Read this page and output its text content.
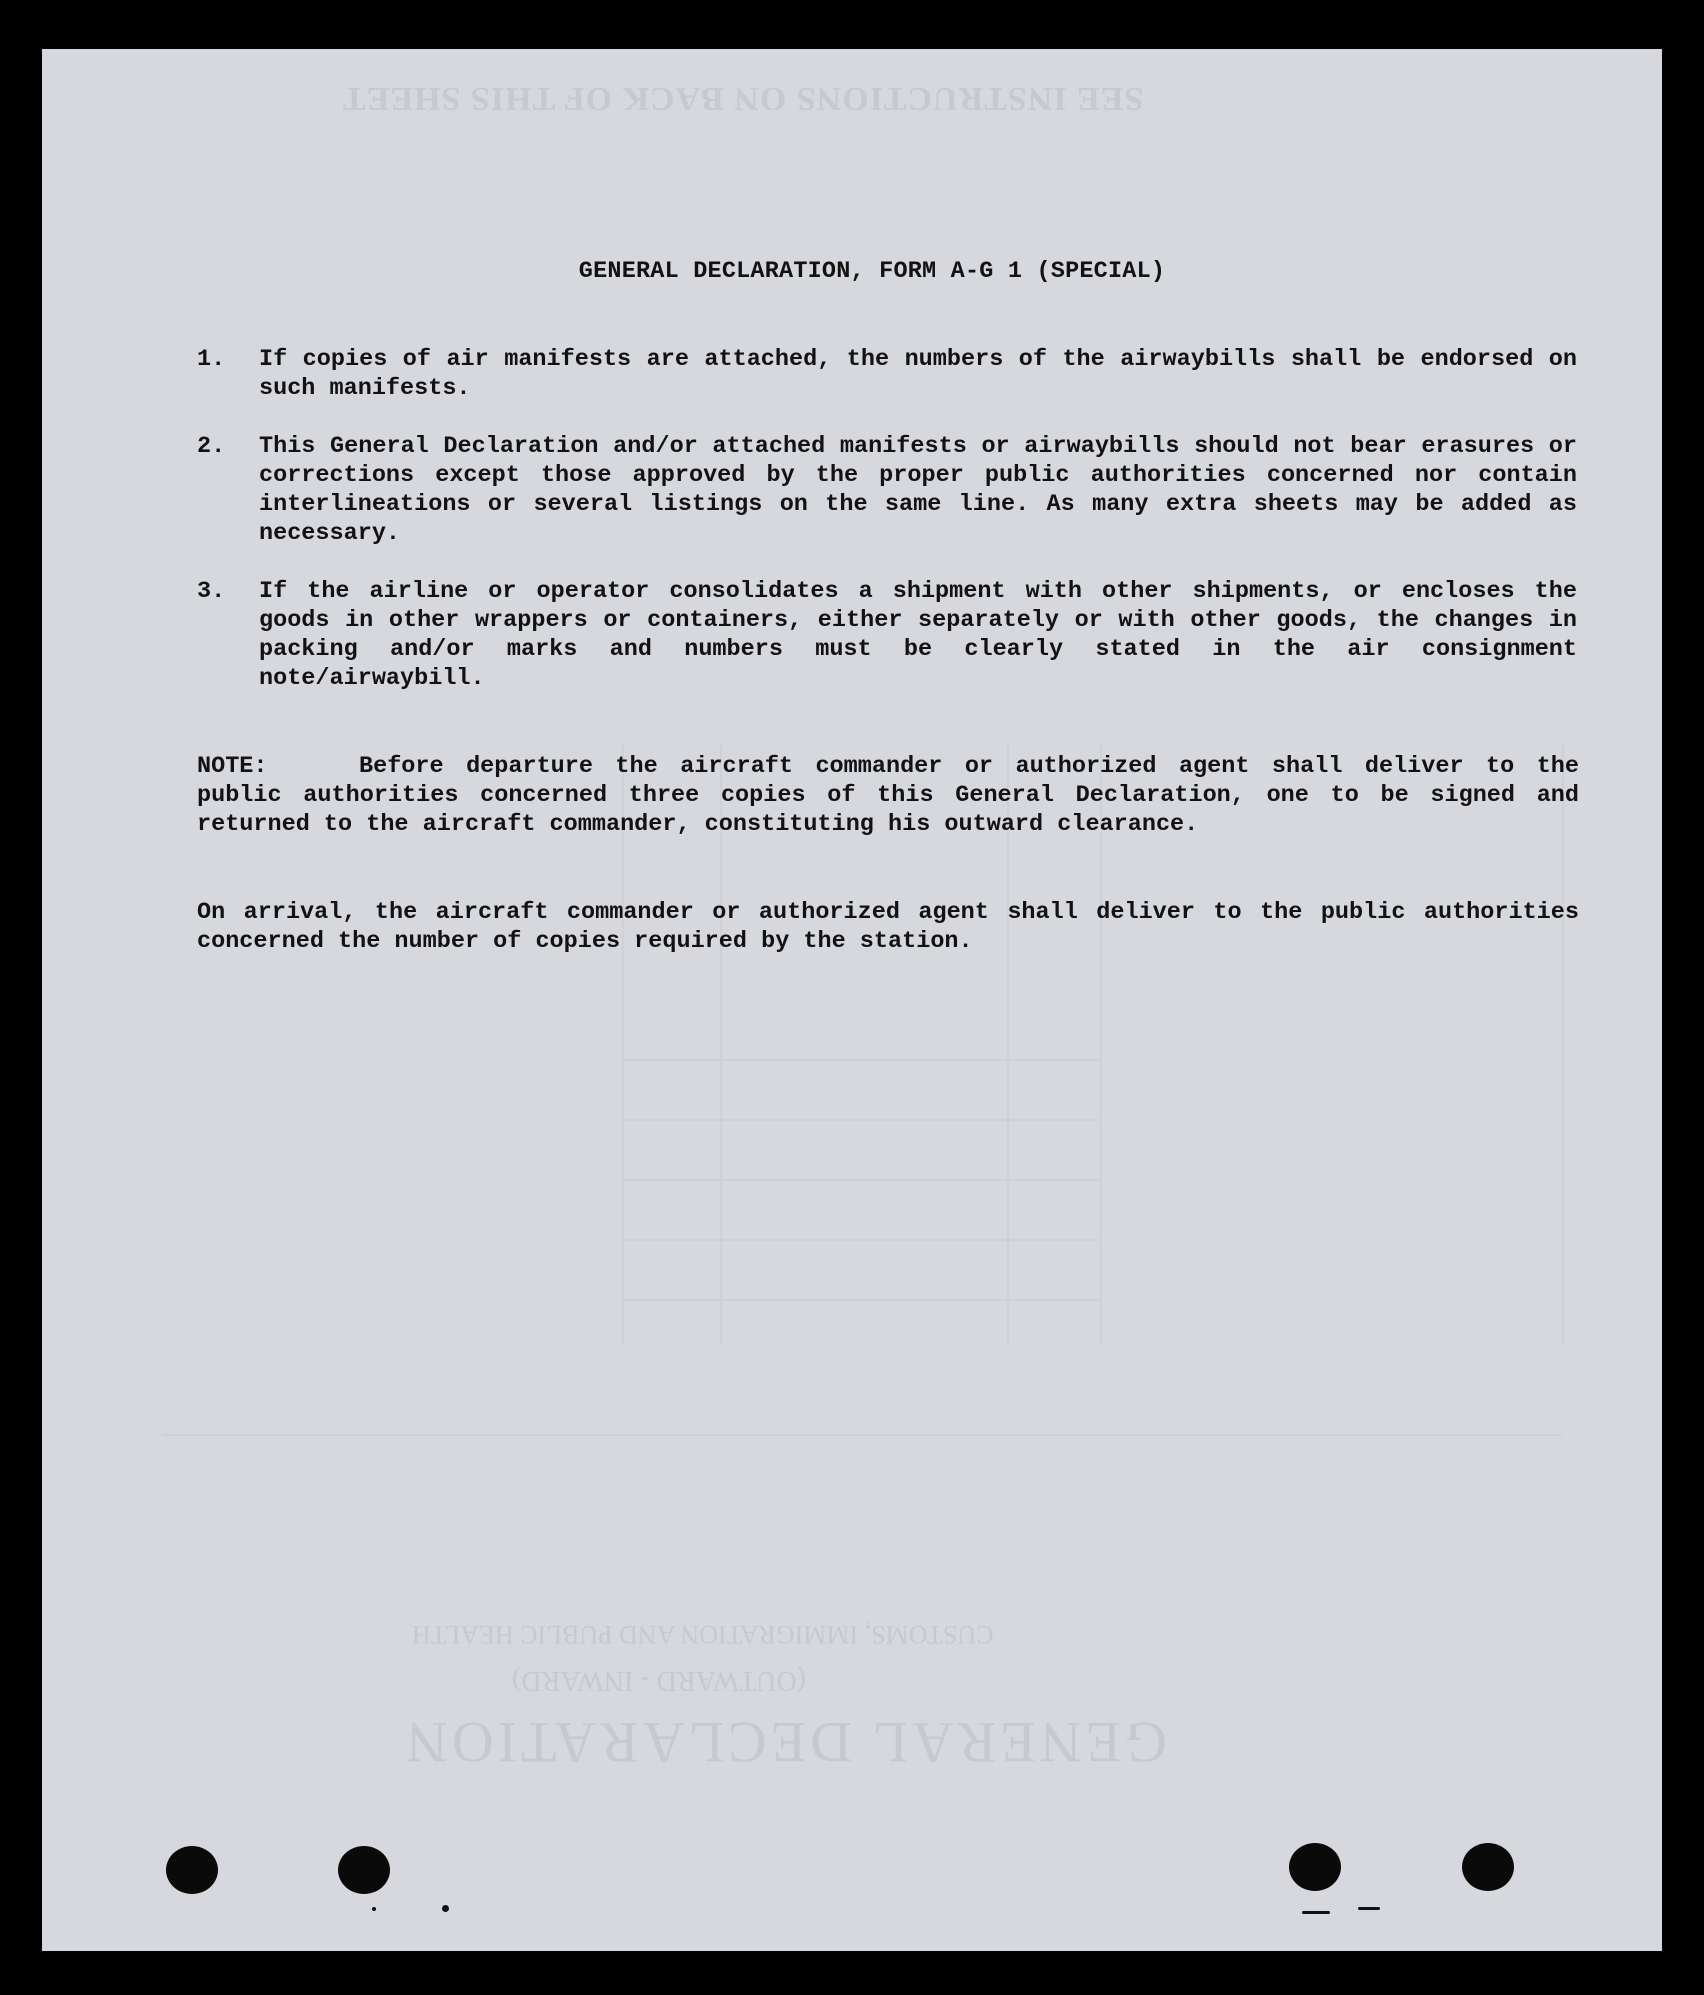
SEE INSTRUCTIONS ON BACK OF THIS SHEET
CUSTOMS, IMMIGRATION AND PUBLIC HEALTH
(OUTWARD - INWARD)
GENERAL DECLARATION
GENERAL DECLARATION, FORM A-G 1 (SPECIAL)
1.	If copies of air manifests are attached, the numbers of the airwaybills shall be endorsed on such manifests.
2.	This General Declaration and/or attached manifests or airwaybills should not bear erasures or corrections except those approved by the proper public authorities concerned nor contain interlineations or several listings on the same line. As many extra sheets may be added as necessary.
3.	If the airline or operator consolidates a shipment with other shipments, or encloses the goods in other wrappers or containers, either separately or with other goods, the changes in packing and/or marks and numbers must be clearly stated in the air consignment note/airwaybill.
NOTE:	Before departure the aircraft commander or authorized agent shall deliver to the public authorities concerned three copies of this General Declaration, one to be signed and returned to the aircraft commander, constituting his outward clearance.
On arrival, the aircraft commander or authorized agent shall deliver to the public authorities concerned the number of copies required by the station.
